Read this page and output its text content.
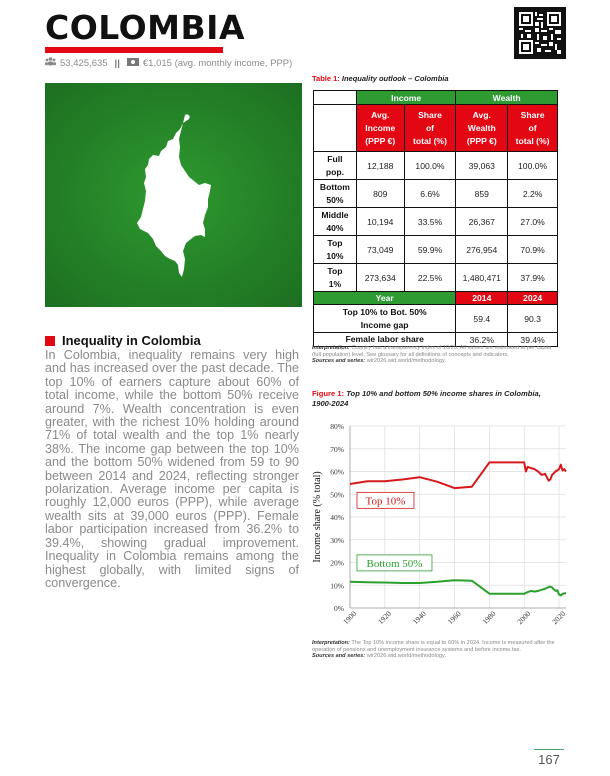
COLOMBIA
53,425,635 || €1,015 (avg. monthly income, PPP)
Inequality in Colombia
In Colombia, inequality remains very high and has increased over the past decade. The top 10% of earners capture about 60% of total income, while the bottom 50% receive around 7%. Wealth concentration is even greater, with the richest 10% holding around 71% of total wealth and the top 1% nearly 38%. The income gap between the top 10% and the bottom 50% widened from 59 to 90 between 2014 and 2024, reflecting stronger polarization. Average income per capita is roughly 12,000 euros (PPP), while average wealth sits at 39,000 euros (PPP). Female labor participation increased from 36.2% to 39.4%, showing gradual improvement. Inequality in Colombia remains among the highest globally, with limited signs of convergence.
Table 1: Inequality outlook – Colombia
	Income		Wealth	
	Avg.
Income
(PPP €)	Share
of
total (%)	Avg.
Wealth
(PPP €)	Share
of
total (%)
Full
pop.	12,188	100.0%	39,063	100.0%
Bottom
50%	809	6.6%	859	2.2%
Middle
40%	10,194	33.5%	26,367	27.0%
Top
10%	73,049	59.9%	276,954	70.9%
Top
1%	273,634	22.5%	1,480,471	37.9%
Year			2014	2024
Top 10% to Bot. 50%
Income gap			59.4	90.3
Female labor share			36.2%	39.4%
Interpretation: Country has a transparency index of 10/20. All values are estimated at per capita (full population) level. See glossary for all definitions of concepts and indicators.
Sources and series: wir2026.wid.world/methodology.
Figure 1: Top 10% and bottom 50% income shares in Colombia, 1900-2024
0%
10%
20%
30%
40%
50%
60%
70%
80%
1900 1920 1940 1960 1980 2000 2020
Income share (% total)	Top 10%
Bottom 50%
Interpretation: The Top 10% income share is equal to 60% in 2024. Income is measured after the operation of pensions and unemployment insurance systems and before income tax.
Sources and series: wir2026.wid.world/methodology.
167
